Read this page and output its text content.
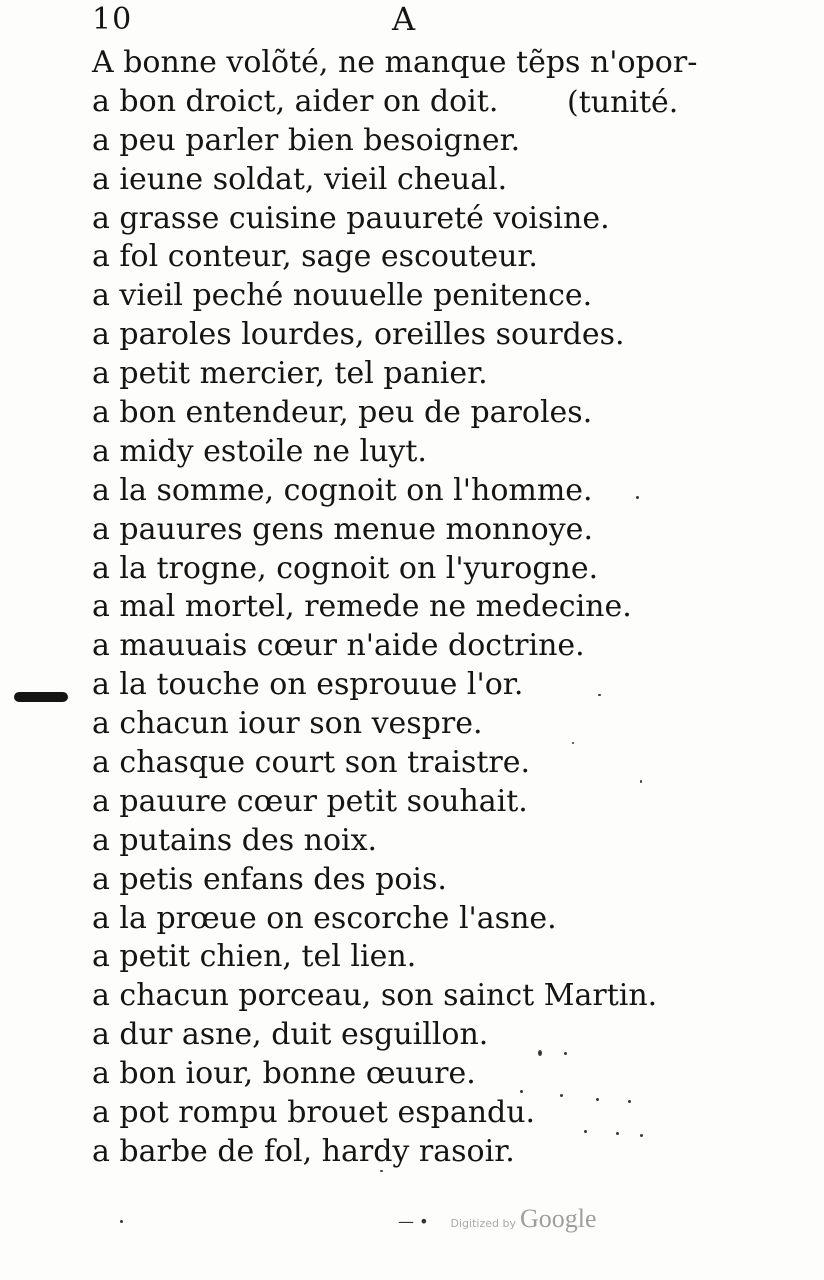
10	A
A bonne volõté, ne manque tẽps n'opor-
a bon droict, aider on doit.
a peu parler bien besoigner.
a ieune soldat, vieil cheual.
a grasse cuisine pauureté voisine.
a fol conteur, sage escouteur.
a vieil peché nouuelle penitence.
a paroles lourdes, oreilles sourdes.
a petit mercier, tel panier.
a bon entendeur, peu de paroles.
a midy estoile ne luyt.
a la somme, cognoit on l'homme.
a pauures gens menue monnoye.
a la trogne, cognoit on l'yurogne.
a mal mortel, remede ne medecine.
a mauuais cœur n'aide doctrine.
a la touche on esprouue l'or.
a chacun iour son vespre.
a chasque court son traistre.
a pauure cœur petit souhait.
a putains des noix.
a petis enfans des pois.
a la prœue on escorche l'asne.
a petit chien, tel lien.
a chacun porceau, son sainct Martin.
a dur asne, duit esguillon.
a bon iour, bonne œuure.
a pot rompu brouet espandu.
a barbe de fol, hardy rasoir.
(tunité.
— • Digitized by Google
